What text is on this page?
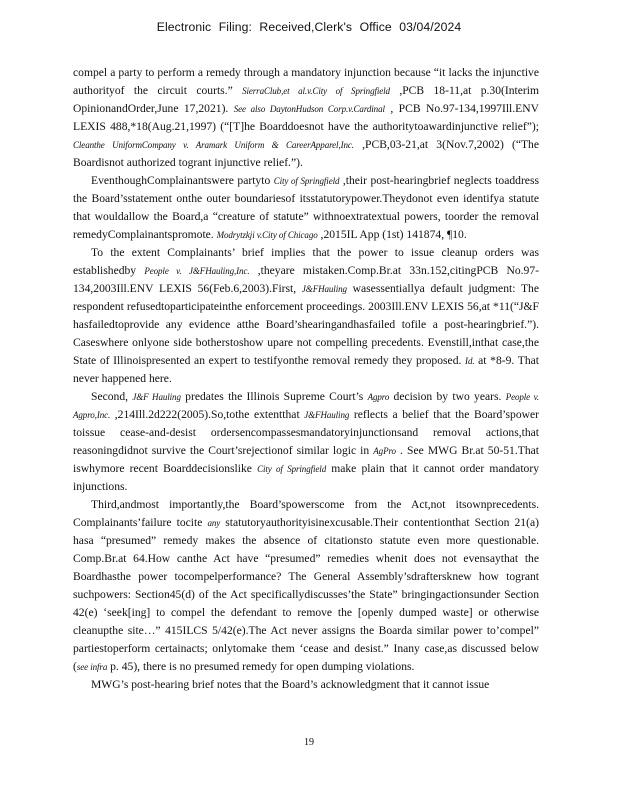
Electronic Filing: Received,Clerk's Office 03/04/2024

compel a party to perform a remedy through a mandatory injunction because “it lacks the injunctive authorityof the circuit courts.” SierraClub,et al.v.City of Springfield ,PCB 18-11,at p.30(Interim OpinionandOrder,June 17,2021). See also DaytonHudson Corp.v.Cardinal , PCB No.97-134,1997Ill.ENV LEXIS 488,*18(Aug.21,1997) (“[T]he Boarddoesnot have the authoritytoawardinjunctive relief”); Cleanthe UniformCompany v. Aramark Uniform & CareerApparel,Inc. ,PCB,03-21,at 3(Nov.7,2002) (“The Boardisnot authorized togrant injunctive relief.”).

EventhoughComplainantswere partyto City of Springfield ,their post-hearingbrief neglects toaddress the Board’sstatement onthe outer boundariesof itsstatutorypower.Theydonot even identifya statute that wouldallow the Board,a “creature of statute” withnoextratextual powers, toorder the removal remedyComplainantspromote. Modrytzkji v.City of Chicago ,2015IL App (1st) 141874, ¶10.

To the extent Complainants’ brief implies that the power to issue cleanup orders was establishedby People v. J&FHauling,Inc. ,theyare mistaken.Comp.Br.at 33n.152,citingPCB No.97-134,2003Ill.ENV LEXIS 56(Feb.6,2003).First, J&FHauling wasessentiallya default judgment: The respondent refusedtoparticipateinthe enforcement proceedings. 2003Ill.ENV LEXIS 56,at *11(“J&F hasfailedtoprovide any evidence atthe Board’shearingandhasfailed tofile a post-hearingbrief.”). Caseswhere onlyone side botherstoshow upare not compelling precedents. Evenstill,inthat case,the State of Illinoispresented an expert to testifyonthe removal remedy they proposed. Id. at *8-9. That never happened here.

Second, J&F Hauling predates the Illinois Supreme Court’s Agpro decision by two years. People v. Agpro,Inc. ,214Ill.2d222(2005).So,tothe extentthat J&FHauling reflects a belief that the Board’spower toissue cease-and-desist ordersencompassesmandatoryinjunctionsand removal actions,that reasoningdidnot survive the Court’srejectionof similar logic in AgPro . See MWG Br.at 50-51.That iswhymore recent Boarddecisionslike City of Springfield make plain that it cannot order mandatory injunctions.

Third,andmost importantly,the Board’spowerscome from the Act,not itsownprecedents. Complainants’failure tocite any statutoryauthorityisinexcusable.Their contentionthat Section 21(a) hasa “presumed” remedy makes the absence of citationsto statute even more questionable. Comp.Br.at 64.How canthe Act have “presumed” remedies whenit does not evensaythat the Boardhasthe power tocompelperformance? The General Assembly’sdraftersknew how togrant suchpowers: Section45(d) of the Act specificallydiscusses’the State” bringingactionsunder Section 42(e) ‘seek[ing] to compel the defendant to remove the [openly dumped waste] or otherwise cleanupthe site…” 415ILCS 5/42(e).The Act never assigns the Boarda similar power to’compel” partiestoperform certainacts; onlytomake them ‘cease and desist.” Inany case,as discussed below (see infra p. 45), there is no presumed remedy for open dumping violations.

MWG’s post-hearing brief notes that the Board’s acknowledgment that it cannot issue

19
